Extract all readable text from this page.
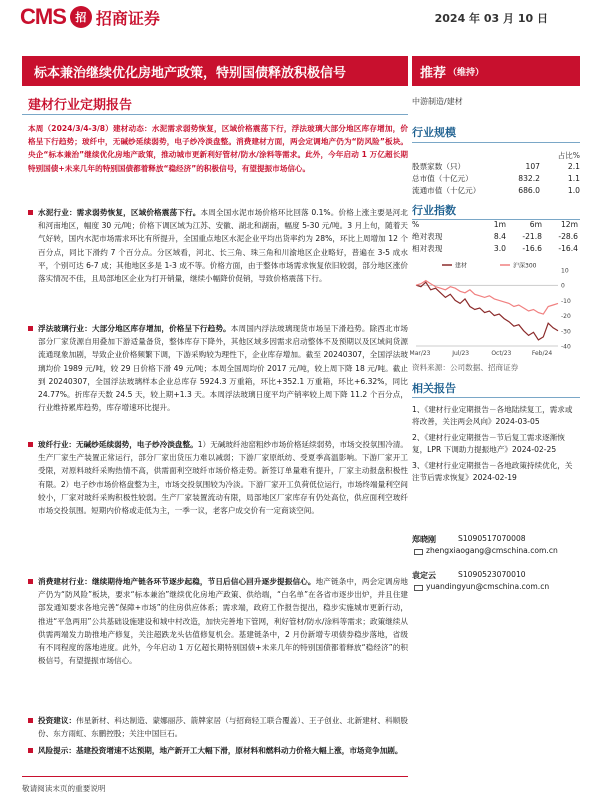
CMS 招 招商证券	2024 年 03 月 10 日
标本兼治继续优化房地产政策，特别国债释放积极信号	推荐 （维持）
建材行业定期报告	中游制造/建材
本周（2024/3/4-3/8）建材动态：水泥需求弱势恢复，区域价格震荡下行，浮法玻璃大部分地区库存增加，价格呈下行趋势；玻纤中，无碱纱延续弱势，电子纱冷淡盘整。消费建材方面，两会定调地产仍为“防风险”板块。央企“标本兼治”继续优化房地产政策，推动城市更新利好管材/防水/涂料等需求。此外，今年启动 1 万亿超长期特别国债+未来几年的特别国债都着释放“稳经济”的积极信号，有望提振市场信心。
水泥行业：需求弱势恢复，区域价格震荡下行。本周全国水泥市场价格环比回落 0.1%。价格上涨主要是河北和河南地区，幅度 30 元/吨；价格下调区域为江苏、安徽、湖北和湖南，幅度 5-30 元/吨。3 月上旬，随着天气好转，国内水泥市场需求环比有所提升，全国重点地区水泥企业平均出货率约为 28%，环比上周增加 12 个百分点，同比下滑约 7 个百分点。分区域看，河北、长三角、珠三角和川渝地区企业略好，普遍在 3-5 成水平，个别可达 6-7 成；其他地区多是 1-3 成不等。价格方面，由于整体市场需求恢复依旧较弱，部分地区涨价落实情况不佳，且局部地区企业为打开销量，继续小幅降价促销，导致价格震荡下行。
浮法玻璃行业：大部分地区库存增加，价格呈下行趋势。本周国内浮法玻璃现货市场呈下滑趋势。除西北市场部分厂家货源自用叠加下游适量备货，整体库存下降外，其他区域多因需求启动整体不及预期以及区域间货源流通现象加剧，导致企业价格频繁下调，下游采购较为理性下，企业库存增加。截至 20240307，全国浮法玻璃均价 1989 元/吨，较 29 日价格下滑 49 元/吨；本周全国周均价 2017 元/吨，较上周下降 18 元/吨。截止到 20240307，全国浮法玻璃样本企业总库存 5924.3 万重箱，环比+352.1 万重箱，环比+6.32%，同比 24.77%。折库存天数 24.5 天，较上期+1.3 天。本周浮法玻璃日度平均产销率较上周下降 11.2 个百分点，行业维持累库趋势，库存增速环比提升。
玻纤行业：无碱纱延续弱势，电子纱冷淡盘整。1）无碱玻纤池窑粗纱市场价格延续弱势，市场交投氛围冷清。生产厂家生产装置正常运行，部分厂家出货压力难以减弱；下游厂家原纸纺、受夏季高温影响。下游厂家开工受限，对原料玻纤采购热情不高，供需面利空玻纤市场价格走势。新签订单量难有提升，厂家主动报盘积极性有限。2）电子纱市场价格盘整为主，市场交投氛围较为冷淡。下游厂家开工负荷低位运行，市场终端量利空间较小，厂家对玻纤采购积极性较弱。生产厂家装置流动有限，局部地区厂家库存有仍处高位，供应面利空玻纤市场交投氛围。短期内价格或走低为主，一季一议，老客户成交价有一定商谈空间。
消费建材行业：继续期待地产链各环节逐步起稳，节日后信心回升逐步提振信心。地产链条中，两会定调房地产仍为“防风险”板块，要求“标本兼治”继续优化房地产政策、供给端，“白名单”在各省市逐步出炉，并且住建部发通知要求各地完善“保障+市场”的住房供应体系；需求端，政府工作报告提出，稳步实施城市更新行动，推进“平急两用”公共基础设施建设和城中村改造，加快完善地下管网，利好管材/防水/涂料等需求；政策继续从供需两端发力助推地产修复，关注超跌龙头估值修复机会。基建链条中，2 月份新增专项债券稳步落地，省级有不同程度的落地进度。此外，今年启动 1 万亿超长期特别国债+未来几年的特别国债都着释放“稳经济”的积极信号，有望提振市场信心。
投资建议：伟星新材、科达制造、蒙娜丽莎、箭牌家居（与招商轻工联合覆盖）、王子创业、北新建材、科顺股份、东方雨虹、东鹏控股；关注中国巨石。
风险提示：基建投资增速不达预期，地产新开工大幅下滑，原材料和燃料动力价格大幅上涨，市场竞争加剧。
敬请阅读末页的重要说明
行业规模
占比%
股票家数（只）	107	2.1
总市值（十亿元）	832.2	1.1
流通市值（十亿元）	686.0	1.0
行业指数
%	1m	6m	12m
绝对表现	8.4	-21.8	-28.6
相对表现	3.0	-16.6	-16.4
10
0
-10
-20
-30
-40
Mar/23	Jul/23	Oct/23	Feb/24
建材	沪深300
资料来源：公司数据、招商证券
相关报告
1、《建材行业定期报告－各地陆续复工，需求或将改善，关注两会风向》2024-03-05
2、《建材行业定期报告－节后复工需求逐渐恢复，LPR 下调助力提振地产》2024-02-25
3、《建材行业定期报告－各地政策持续优化，关注节后需求恢复》2024-02-19
郑晓刚	S1090517070008
zhengxiaogang@cmschina.com.cn
袁定云	S1090523070010
yuandingyun@cmschina.com.cn
